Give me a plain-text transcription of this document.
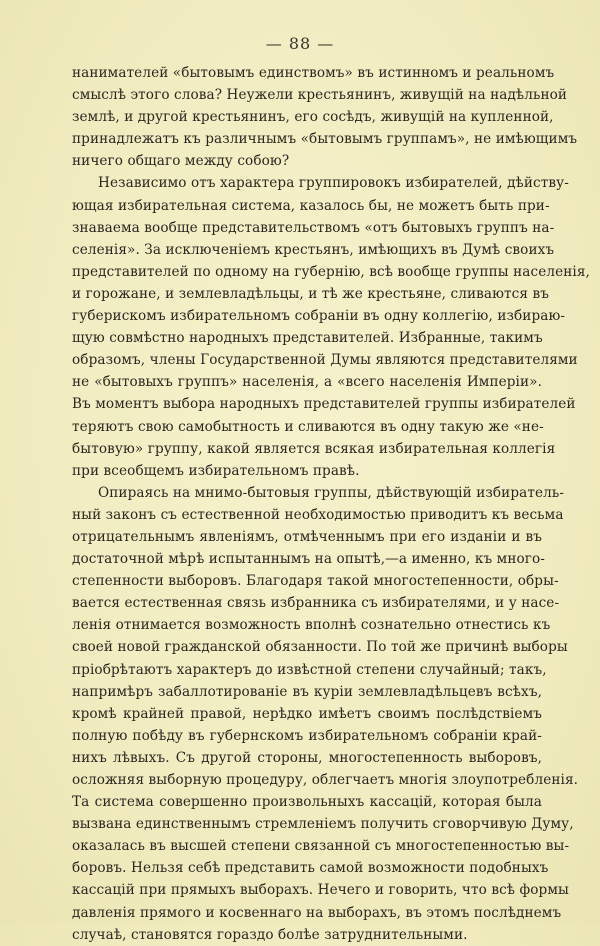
— 88 —
нанимателей «бытовымъ единствомъ» въ истинномъ и реальномъ
смыслѣ этого слова? Неужели крестьянинъ, живущій на надѣльной
землѣ, и другой крестьянинъ, его сосѣдъ, живущій на купленной,
принадлежатъ къ различнымъ «бытовымъ группамъ», не имѣющимъ
ничего общаго между собою?
Независимо отъ характера группировокъ избирателей, дѣйству-
ющая избирательная система, казалось бы, не можетъ быть при-
знаваема вообще представительствомъ «отъ бытовыхъ группъ на-
селенія». За исключеніемъ крестьянъ, имѣющихъ въ Думѣ своихъ
представителей по одному на губернію, всѣ вообще группы населенія,
и горожане, и землевладѣльцы, и тѣ же крестьяне, сливаются въ
губерискомъ избирательномъ собраніи въ одну коллегію, избираю-
щую совмѣстно народныхъ представителей. Избранные, такимъ
образомъ, члены Государственной Думы являются представителями
не «бытовыхъ группъ» населенія, а «всего населенія Имперіи».
Въ моментъ выбора народныхъ представителей группы избирателей
теряютъ свою самобытность и сливаются въ одну такую же «не-
бытовую» группу, какой является всякая избирательная коллегія
при всеобщемъ избирательномъ правѣ.
Опираясь на мнимо-бытовыя группы, дѣйствующій избиратель-
ный законъ съ естественной необходимостью приводитъ къ весьма
отрицательнымъ явленіямъ, отмѣченнымъ при его изданіи и въ
достаточной мѣрѣ испытаннымъ на опытѣ,—а именно, къ много-
степенности выборовъ. Благодаря такой многостепенности, обры-
вается естественная связь избранника съ избирателями, и у насе-
ленія отнимается возможность вполнѣ сознательно отнестись къ
своей новой гражданской обязанности. По той же причинѣ выборы
пріобрѣтаютъ характеръ до извѣстной степени случайный; такъ,
напримѣръ забаллотированіе въ куріи землевладѣльцевъ всѣхъ,
кромѣ крайней правой, нерѣдко имѣетъ своимъ послѣдствіемъ
полную побѣду въ губернскомъ избирательномъ собраніи край-
нихъ лѣвыхъ. Съ другой стороны, многостепенность выборовъ,
осложняя выборную процедуру, облегчаетъ многія злоупотребленія.
Та система совершенно произвольныхъ кассацій, которая была
вызвана единственнымъ стремленіемъ получить сговорчивую Думу,
оказалась въ высшей степени связанной съ многостепенностью вы-
боровъ. Нельзя себѣ представить самой возможности подобныхъ
кассацій при прямыхъ выборахъ. Нечего и говорить, что всѣ формы
давленія прямого и косвеннаго на выборахъ, въ этомъ послѣднемъ
случаѣ, становятся гораздо болѣе затруднительными.
